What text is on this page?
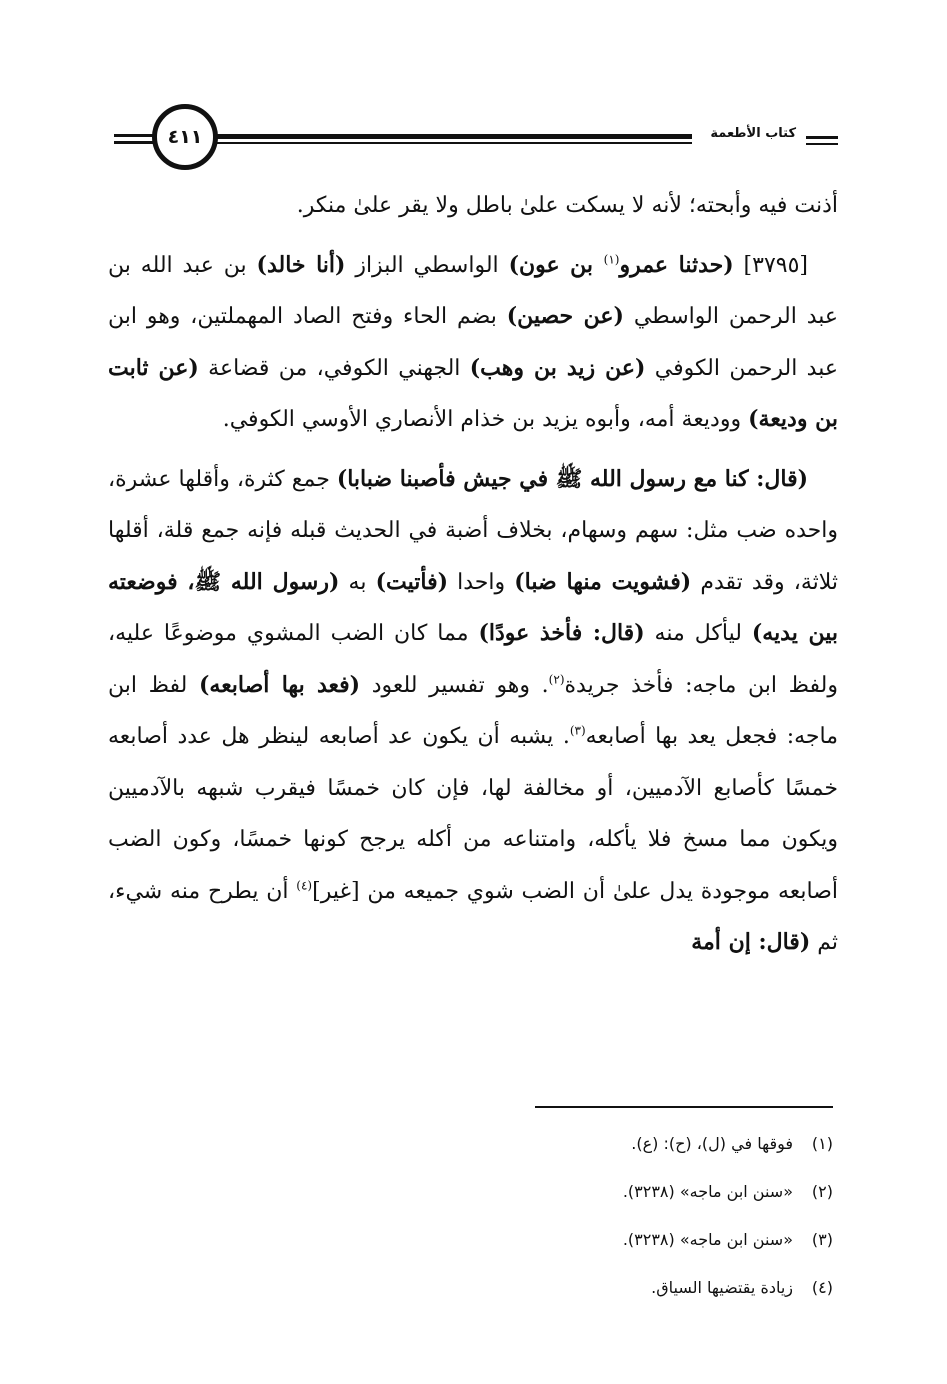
٤١١	كتاب الأطعمة

أذنت فيه وأبحته؛ لأنه لا يسكت علىٰ باطل ولا يقر علىٰ منكر.

[٣٧٩٥] (حدثنا عمرو$^{(١)}$ بن عون) الواسطي البزاز (أنا خالد) بن عبد الله بن عبد الرحمن الواسطي (عن حصين) بضم الحاء وفتح الصاد المهملتين، وهو ابن عبد الرحمن الكوفي (عن زيد بن وهب) الجهني الكوفي، من قضاعة (عن ثابت بن وديعة) ووديعة أمه، وأبوه يزيد بن خذام الأنصاري الأوسي الكوفي.

(قال: كنا مع رسول الله ﷺ في جيش فأصبنا ضبابا) جمع كثرة، وأقلها عشرة، واحده ضب مثل: سهم وسهام، بخلاف أضبة في الحديث قبله فإنه جمع قلة، أقلها ثلاثة، وقد تقدم (فشويت منها ضبا) واحدا (فأتيت) به (رسول الله ﷺ، فوضعته بين يديه) ليأكل منه (قال: فأخذ عودًا) مما كان الضب المشوي موضوعًا عليه، ولفظ ابن ماجه: فأخذ جريدة$^{(٢)}$. وهو تفسير للعود (فعد بها أصابعه) لفظ ابن ماجه: فجعل يعد بها أصابعه$^{(٣)}$. يشبه أن يكون عد أصابعه لينظر هل عدد أصابعه خمسًا كأصابع الآدميين، أو مخالفة لها، فإن كان خمسًا فيقرب شبهه بالآدميين ويكون مما مسخ فلا يأكله، وامتناعه من أكله يرجح كونها خمسًا، وكون الضب أصابعه موجودة يدل علىٰ أن الضب شوي جميعه من [غير]$^{(٤)}$ أن يطرح منه شيء، ثم (قال: إن أمة

(١)
فوقها في (ل)، (ح): (ع).
(٢)
«سنن ابن ماجه» (٣٢٣٨).
(٣)
«سنن ابن ماجه» (٣٢٣٨).
(٤)
زيادة يقتضيها السياق.
